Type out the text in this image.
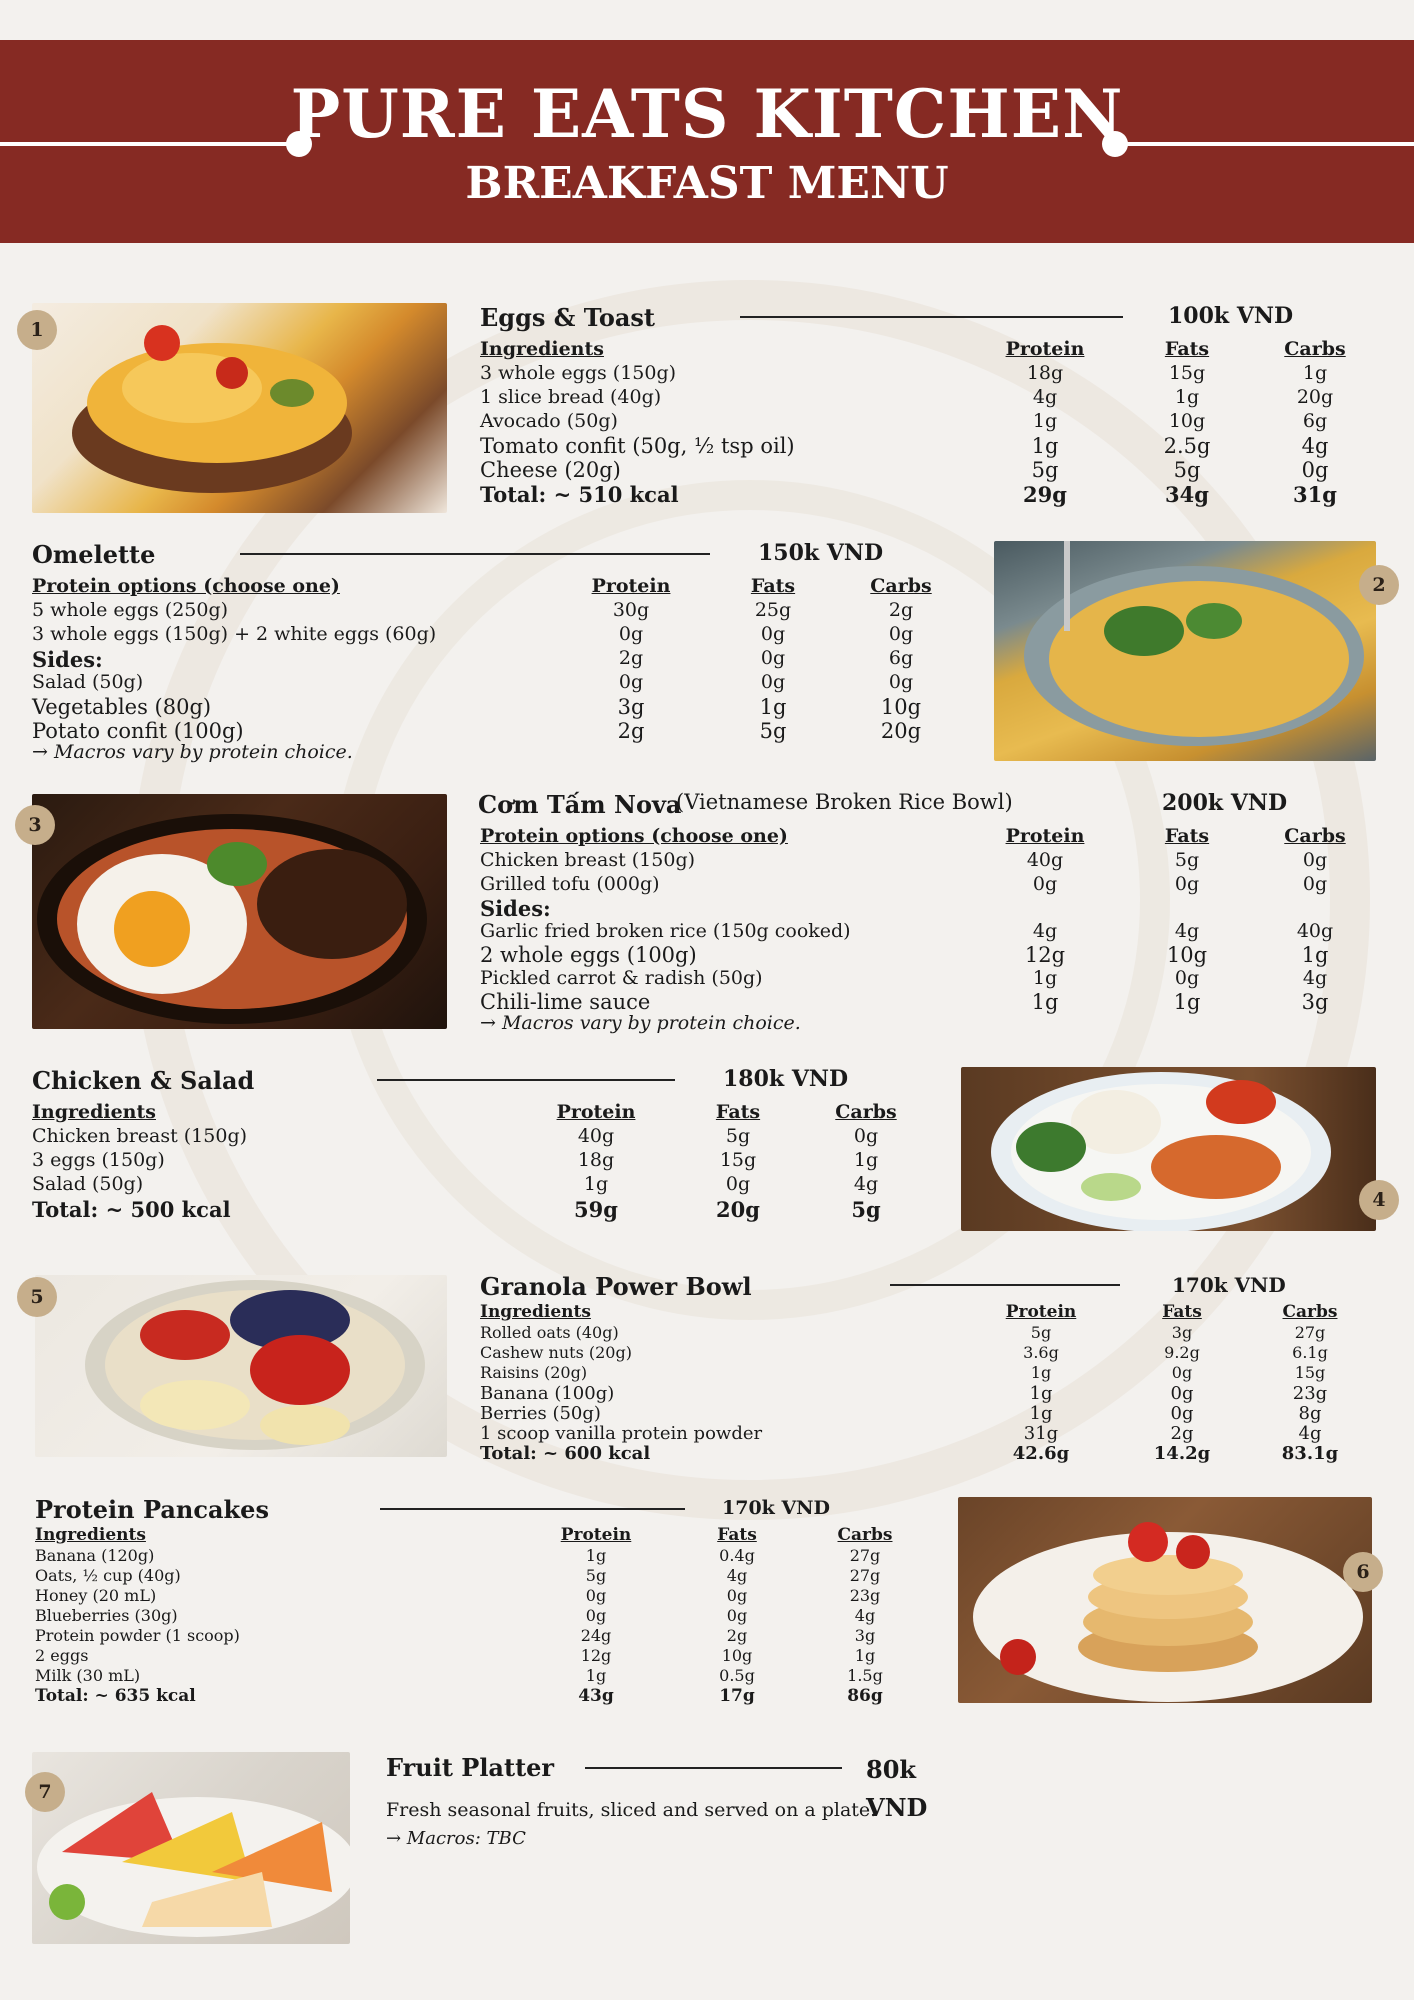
PURE EATS KITCHEN
BREAKFAST MENU
1	Eggs & Toast	100k VND
Ingredients	Protein	Fats	Carbs
3 whole eggs (150g)	18g	15g	1g
1 slice bread (40g)	4g	1g	20g
Avocado (50g)	1g	10g	6g
Tomato confit (50g, ½ tsp oil)	1g	2.5g	4g
Cheese (20g)	5g	5g	0g
Total: ~ 510 kcal	29g	34g	31g
2
Omelette	150k VND
Protein options (choose one)	Protein	Fats	Carbs
5 whole eggs (250g)	30g	25g	2g
3 whole eggs (150g) + 2 white eggs (60g)	0g	0g	0g
Sides:	2g	0g	6g
Salad (50g)	0g	0g	0g
Vegetables (80g)	3g	1g	10g
Potato confit (100g)	2g	5g	20g
→ Macros vary by protein choice.
3
Cơm Tấm Nova
(Vietnamese Broken Rice Bowl)	200k VND
Protein options (choose one)	Protein	Fats	Carbs
Chicken breast (150g)	40g	5g	0g
Grilled tofu (000g)	0g	0g	0g
Sides:
Garlic fried broken rice (150g cooked)	4g	4g	40g
2 whole eggs (100g)	12g	10g	1g
Pickled carrot & radish (50g)	1g	0g	4g
Chili-lime sauce	1g	1g	3g
→ Macros vary by protein choice.
4
Chicken & Salad	180k VND
Ingredients	Protein	Fats	Carbs
Chicken breast (150g)	40g	5g	0g
3 eggs (150g)	18g	15g	1g
Salad (50g)	1g	0g	4g
Total: ~ 500 kcal	59g	20g	5g
5	Granola Power Bowl	170k VND
Ingredients	Protein	Fats	Carbs
Rolled oats (40g)	5g	3g	27g
Cashew nuts (20g)	3.6g	9.2g	6.1g
Raisins (20g)	1g	0g	15g
Banana (100g)	1g	0g	23g
Berries (50g)	1g	0g	8g
1 scoop vanilla protein powder	31g	2g	4g
Total: ~ 600 kcal	42.6g	14.2g	83.1g
6
Protein Pancakes	170k VND
Ingredients	Protein	Fats	Carbs
Banana (120g)	1g	0.4g	27g
Oats, ½ cup (40g)	5g	4g	27g
Honey (20 mL)	0g	0g	23g
Blueberries (30g)	0g	0g	4g
Protein powder (1 scoop)	24g	2g	3g
2 eggs	12g	10g	1g
Milk (30 mL)	1g	0.5g	1.5g
Total: ~ 635 kcal	43g	17g	86g
7
Fruit Platter	80k
VND
Fresh seasonal fruits, sliced and served on a plate.
→ Macros: TBC
